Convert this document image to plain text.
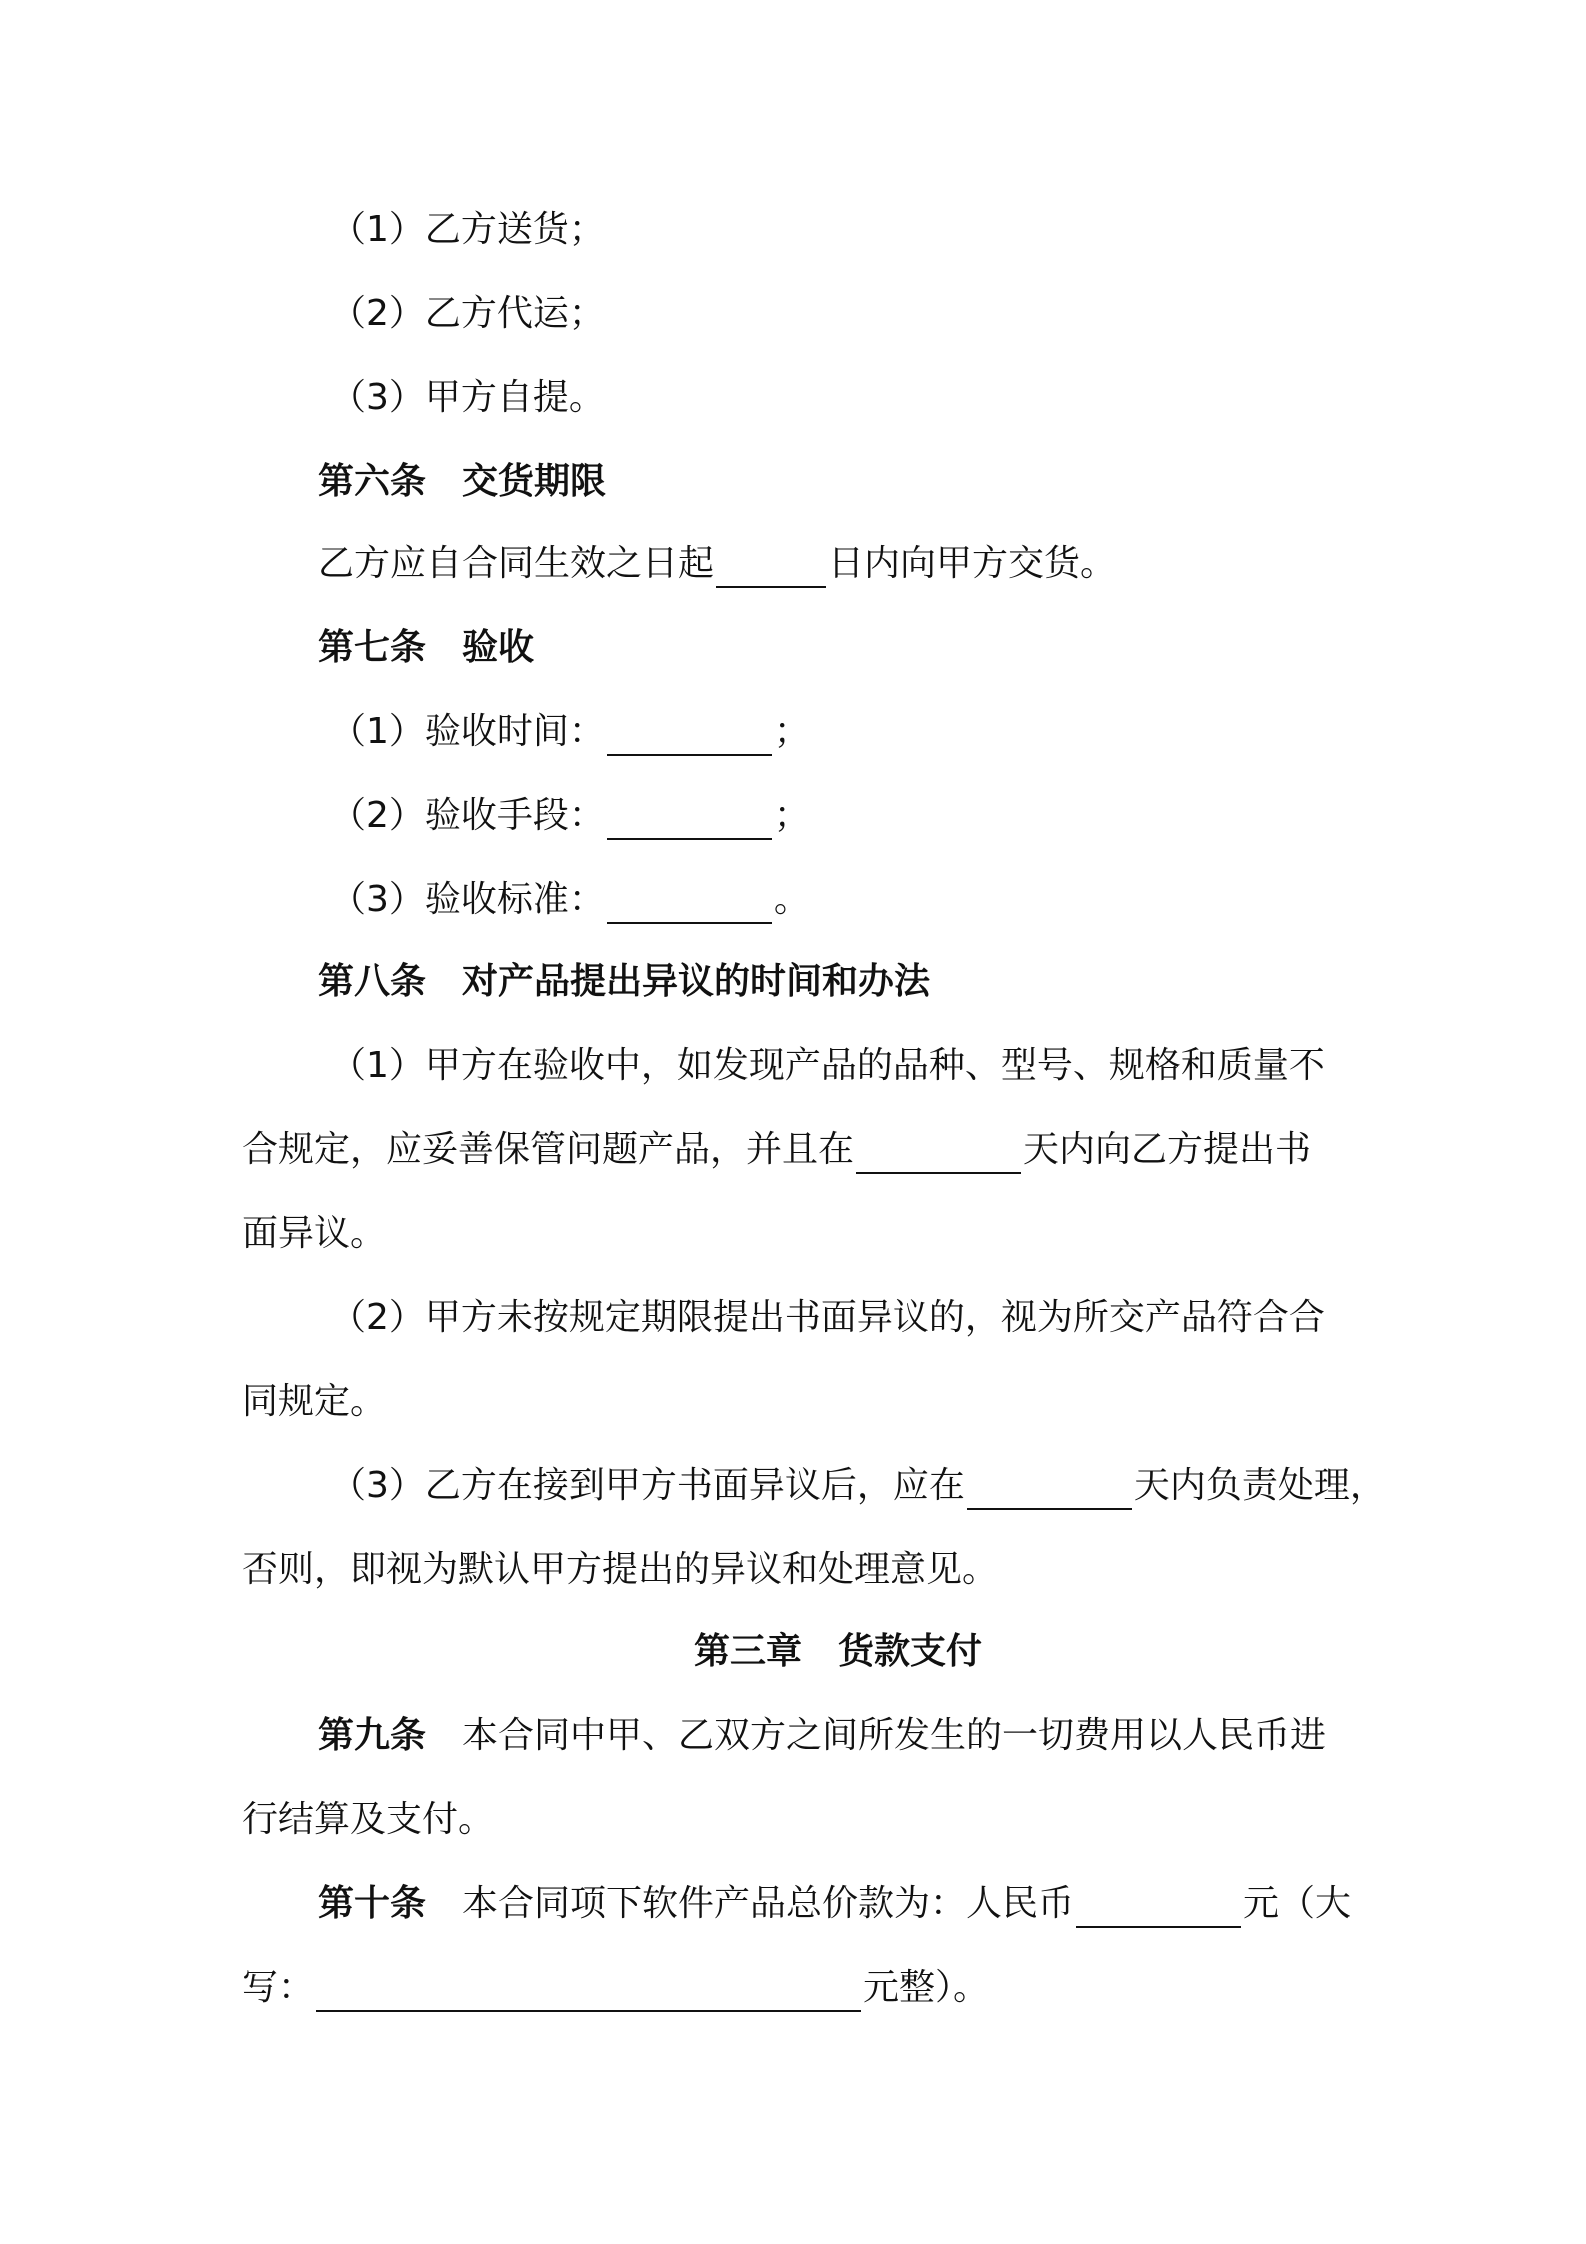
（1）乙方送货；
（2）乙方代运；
（3）甲方自提。
第六条 交货期限
乙方应自合同生效之日起	日内向甲方交货。
第七条 验收
（1）验收时间：	；
（2）验收手段：	；
（3）验收标准：	。
第八条 对产品提出异议的时间和办法
（1）甲方在验收中，如发现产品的品种、型号、规格和质量不
合规定，应妥善保管问题产品，并且在	天内向乙方提出书
面异议。
（2）甲方未按规定期限提出书面异议的，视为所交产品符合合
同规定。
（3）乙方在接到甲方书面异议后，应在	天内负责处理，
否则，即视为默认甲方提出的异议和处理意见。
第三章 货款支付
第九条 本合同中甲、乙双方之间所发生的一切费用以人民币进
行结算及支付。
第十条 本合同项下软件产品总价款为：人民币	元（大
写：	元整）。
